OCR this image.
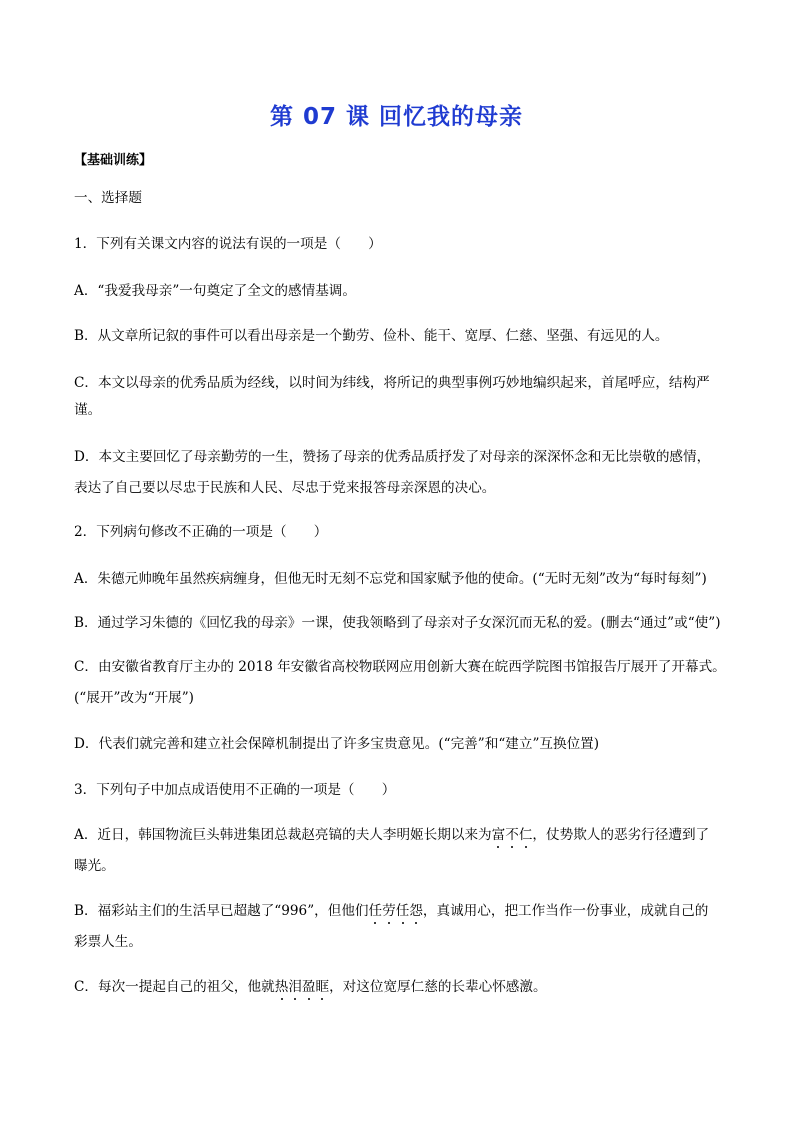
第 07 课 回忆我的母亲
【基础训练】
一、选择题
1．下列有关课文内容的说法有误的一项是（　　）
A．“我爱我母亲”一句奠定了全文的感情基调。
B．从文章所记叙的事件可以看出母亲是一个勤劳、俭朴、能干、宽厚、仁慈、坚强、有远见的人。
C．本文以母亲的优秀品质为经线，以时间为纬线，将所记的典型事例巧妙地编织起来，首尾呼应，结构严
谨。
D．本文主要回忆了母亲勤劳的一生，赞扬了母亲的优秀品质抒发了对母亲的深深怀念和无比崇敬的感情，
表达了自己要以尽忠于民族和人民、尽忠于党来报答母亲深恩的决心。
2．下列病句修改不正确的一项是（　　）
A．朱德元帅晚年虽然疾病缠身，但他无时无刻不忘党和国家赋予他的使命。(“无时无刻”改为“每时每刻”)
B．通过学习朱德的《回忆我的母亲》一课，使我领略到了母亲对子女深沉而无私的爱。(删去“通过”或“使”)
C．由安徽省教育厅主办的 2018 年安徽省高校物联网应用创新大赛在皖西学院图书馆报告厅展开了开幕式。
(“展开”改为“开展”)
D．代表们就完善和建立社会保障机制提出了许多宝贵意见。(“完善”和“建立”互换位置)
3．下列句子中加点成语使用不正确的一项是（　　）
A．近日，韩国物流巨头韩进集团总裁赵亮镐的夫人李明姬长期以来为富不仁，仗势欺人的恶劣行径遭到了
曝光。
B．福彩站主们的生活早已超越了“996”，但他们任劳任怨，真诚用心，把工作当作一份事业，成就自己的
彩票人生。
C．每次一提起自己的祖父，他就热泪盈眶，对这位宽厚仁慈的长辈心怀感激。
